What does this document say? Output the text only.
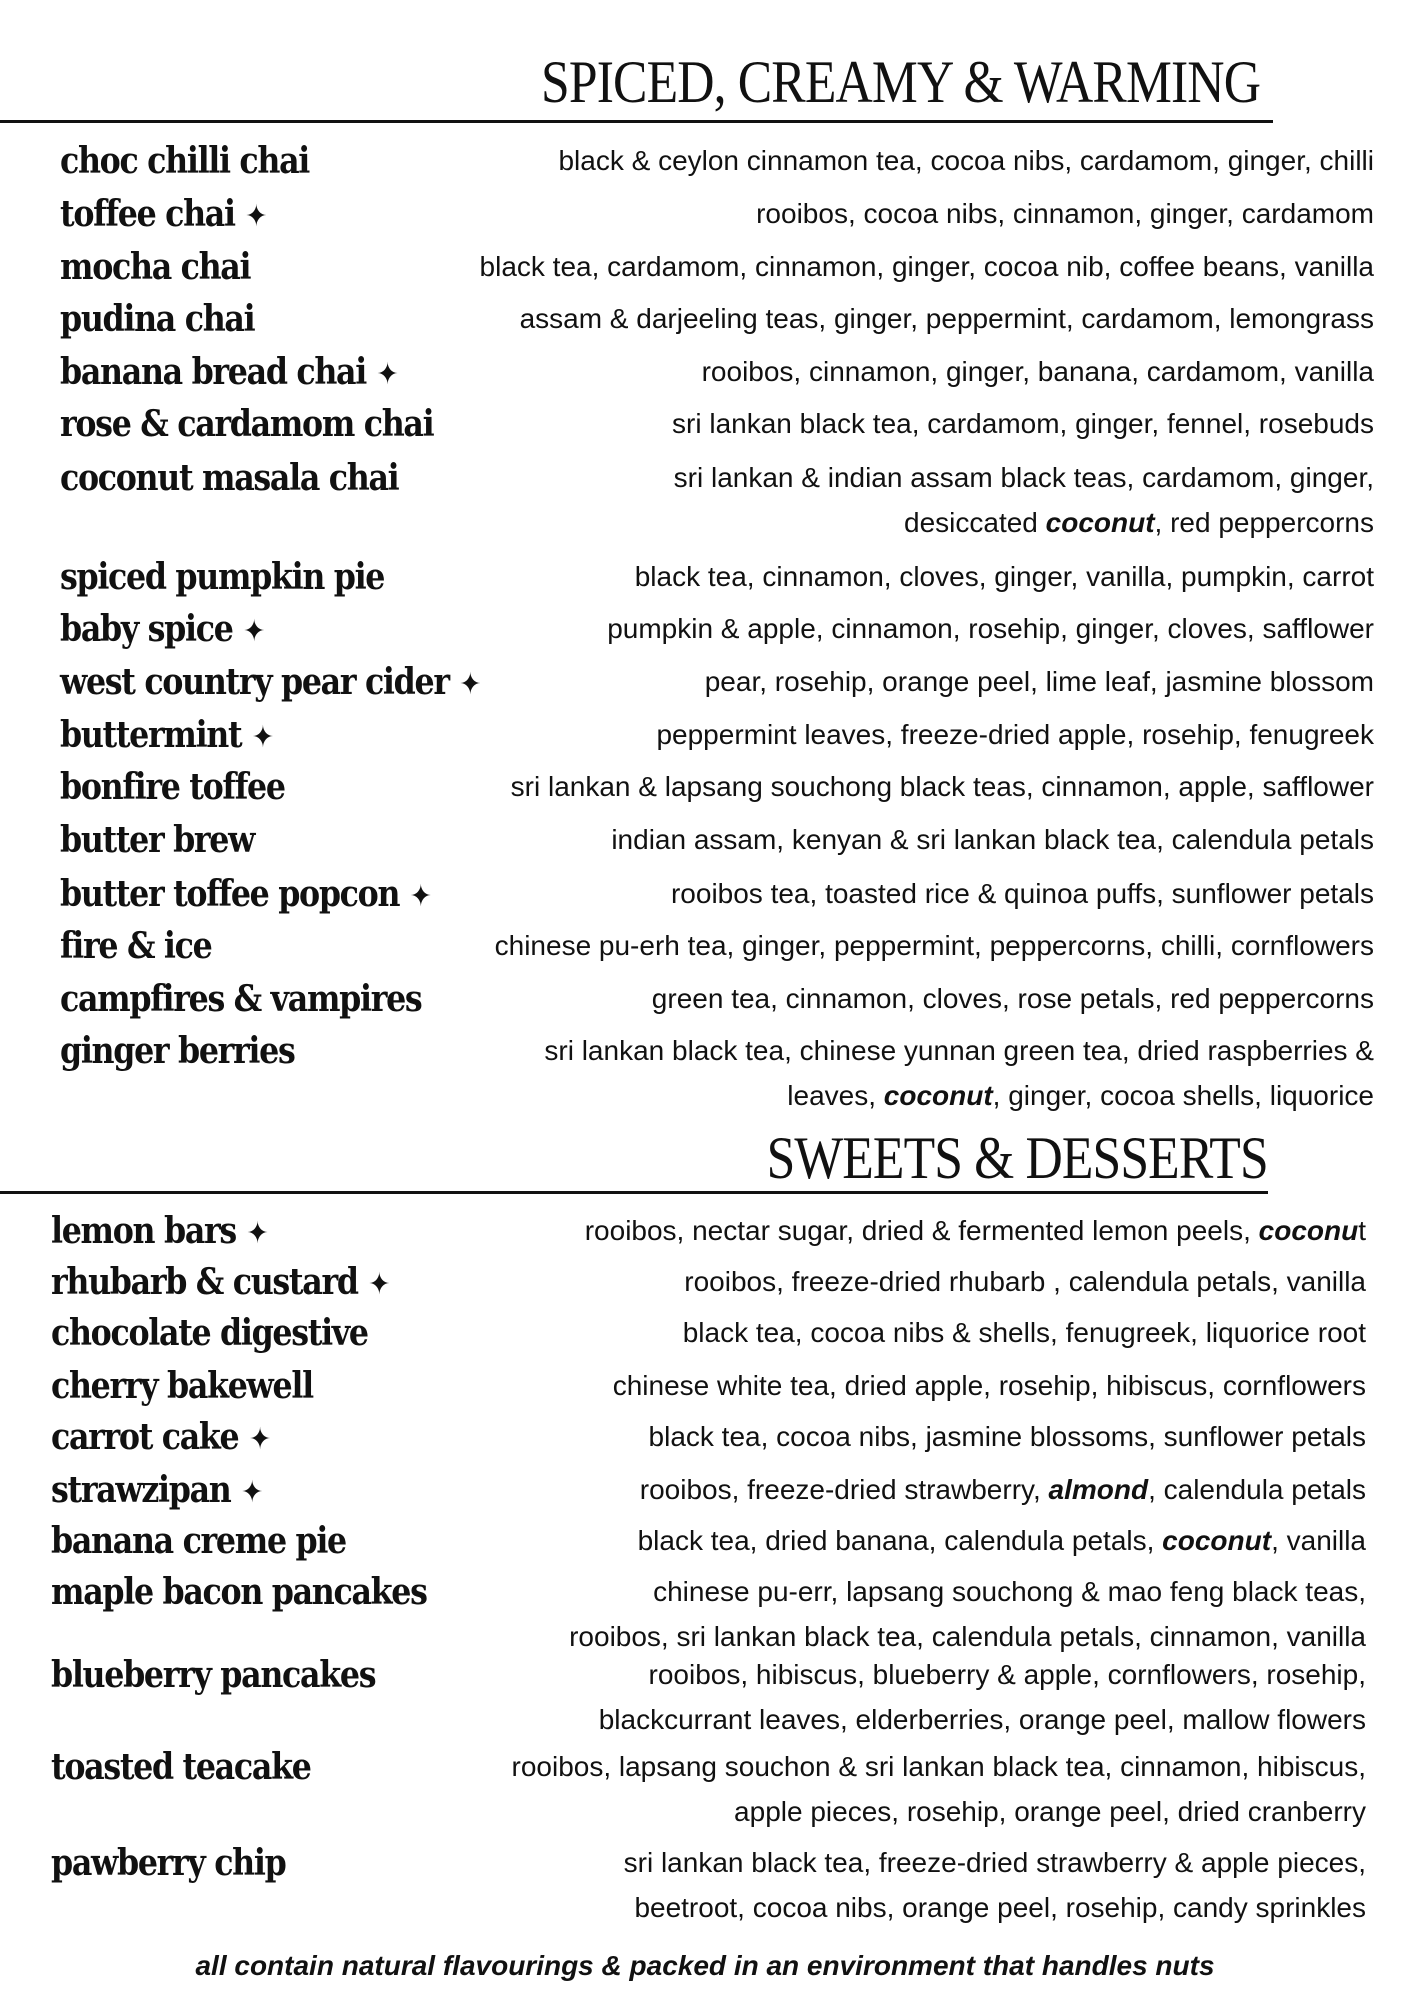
SPICED, CREAMY & WARMING
choc chilli chai	black & ceylon cinnamon tea, cocoa nibs, cardamom, ginger, chilli
toffee chai ✦	rooibos, cocoa nibs, cinnamon, ginger, cardamom
mocha chai	black tea, cardamom, cinnamon, ginger, cocoa nib, coffee beans, vanilla
pudina chai	assam & darjeeling teas, ginger, peppermint, cardamom, lemongrass
banana bread chai ✦	rooibos, cinnamon, ginger, banana, cardamom, vanilla
rose & cardamom chai	sri lankan black tea, cardamom, ginger, fennel, rosebuds
coconut masala chai	sri lankan & indian assam black teas, cardamom, ginger,
desiccated coconut, red peppercorns
spiced pumpkin pie	black tea, cinnamon, cloves, ginger, vanilla, pumpkin, carrot
baby spice ✦	pumpkin & apple, cinnamon, rosehip, ginger, cloves, safflower
west country pear cider ✦	pear, rosehip, orange peel, lime leaf, jasmine blossom
buttermint ✦	peppermint leaves, freeze-dried apple, rosehip, fenugreek
bonfire toffee	sri lankan & lapsang souchong black teas, cinnamon, apple, safflower
butter brew	indian assam, kenyan & sri lankan black tea, calendula petals
butter toffee popcon ✦	rooibos tea, toasted rice & quinoa puffs, sunflower petals
fire & ice	chinese pu-erh tea, ginger, peppermint, peppercorns, chilli, cornflowers
campfires & vampires	green tea, cinnamon, cloves, rose petals, red peppercorns
ginger berries	sri lankan black tea, chinese yunnan green tea, dried raspberries &
leaves, coconut, ginger, cocoa shells, liquorice
SWEETS & DESSERTS
lemon bars ✦	rooibos, nectar sugar, dried & fermented lemon peels, coconut
rhubarb & custard ✦	rooibos, freeze-dried rhubarb , calendula petals, vanilla
chocolate digestive	black tea, cocoa nibs & shells, fenugreek, liquorice root
cherry bakewell	chinese white tea, dried apple, rosehip, hibiscus, cornflowers
carrot cake ✦	black tea, cocoa nibs, jasmine blossoms, sunflower petals
strawzipan ✦	rooibos, freeze-dried strawberry, almond, calendula petals
banana creme pie	black tea, dried banana, calendula petals, coconut, vanilla
maple bacon pancakes	chinese pu-err, lapsang souchong & mao feng black teas,
rooibos, sri lankan black tea, calendula petals, cinnamon, vanilla
blueberry pancakes	rooibos, hibiscus, blueberry & apple, cornflowers, rosehip,
blackcurrant leaves, elderberries, orange peel, mallow flowers
toasted teacake	rooibos, lapsang souchon & sri lankan black tea, cinnamon, hibiscus,
apple pieces, rosehip, orange peel, dried cranberry
pawberry chip	sri lankan black tea, freeze-dried strawberry & apple pieces,
beetroot, cocoa nibs, orange peel, rosehip, candy sprinkles
all contain natural flavourings & packed in an environment that handles nuts
